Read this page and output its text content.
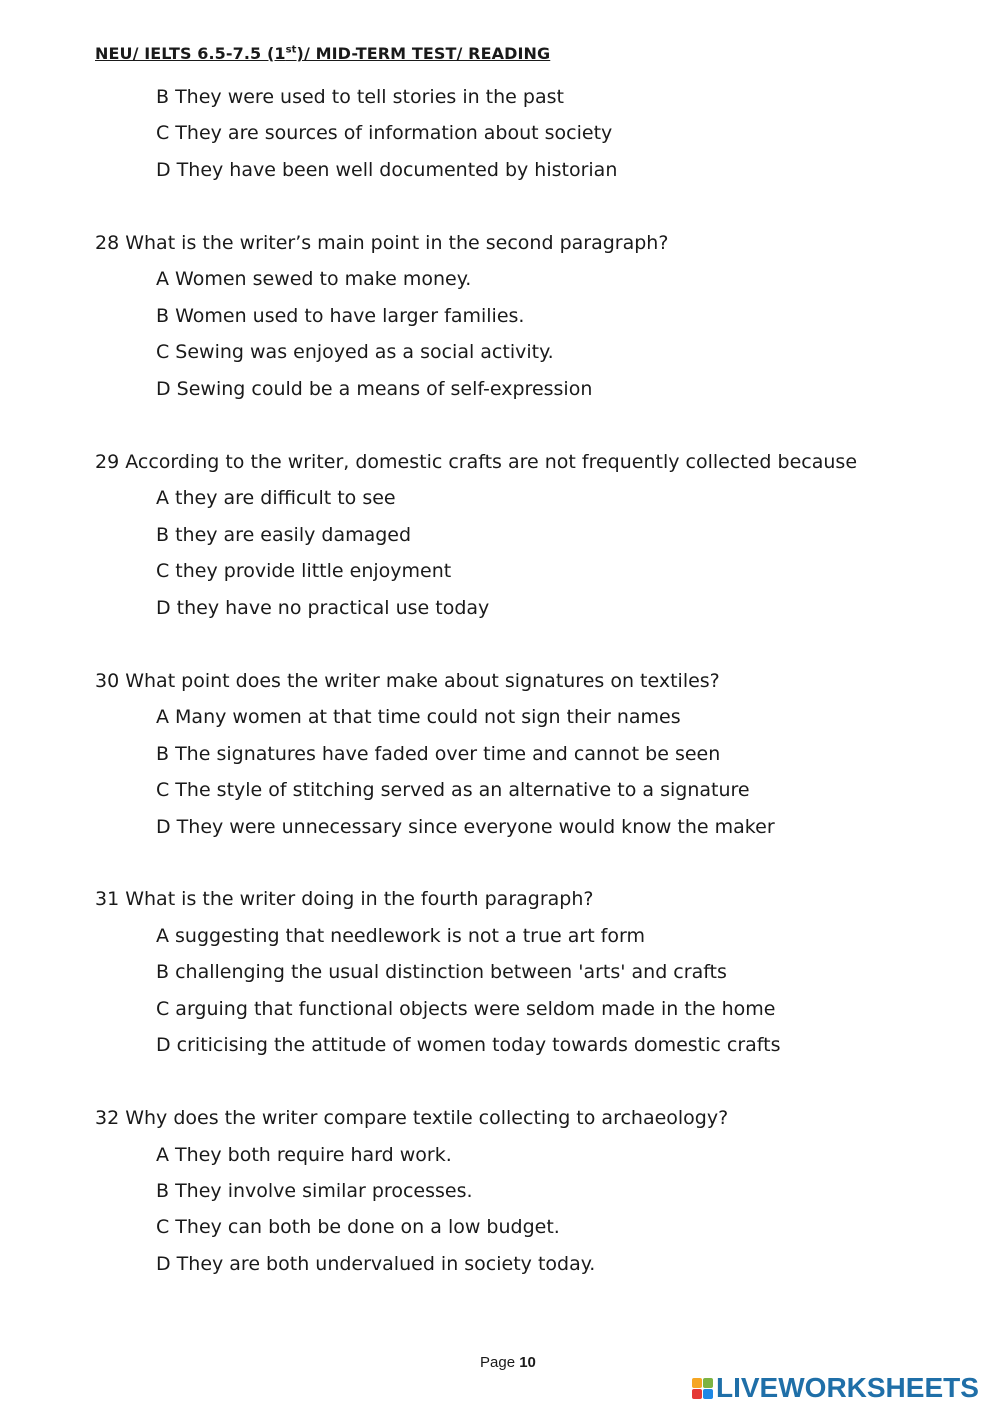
NEU/ IELTS 6.5-7.5 (1st)/ MID-TERM TEST/ READING
B They were used to tell stories in the past
C They are sources of information about society
D They have been well documented by historian
28 What is the writer’s main point in the second paragraph?
A Women sewed to make money.
B Women used to have larger families.
C Sewing was enjoyed as a social activity.
D Sewing could be a means of self-expression
29 According to the writer, domestic crafts are not frequently collected because
A they are difficult to see
B they are easily damaged
C they provide little enjoyment
D they have no practical use today
30 What point does the writer make about signatures on textiles?
A Many women at that time could not sign their names
B The signatures have faded over time and cannot be seen
C The style of stitching served as an alternative to a signature
D They were unnecessary since everyone would know the maker
31 What is the writer doing in the fourth paragraph?
A suggesting that needlework is not a true art form
B challenging the usual distinction between 'arts' and crafts
C arguing that functional objects were seldom made in the home
D criticising the attitude of women today towards domestic crafts
32 Why does the writer compare textile collecting to archaeology?
A They both require hard work.
B They involve similar processes.
C They can both be done on a low budget.
D They are both undervalued in society today.
Page 10
LIVEWORKSHEETS
